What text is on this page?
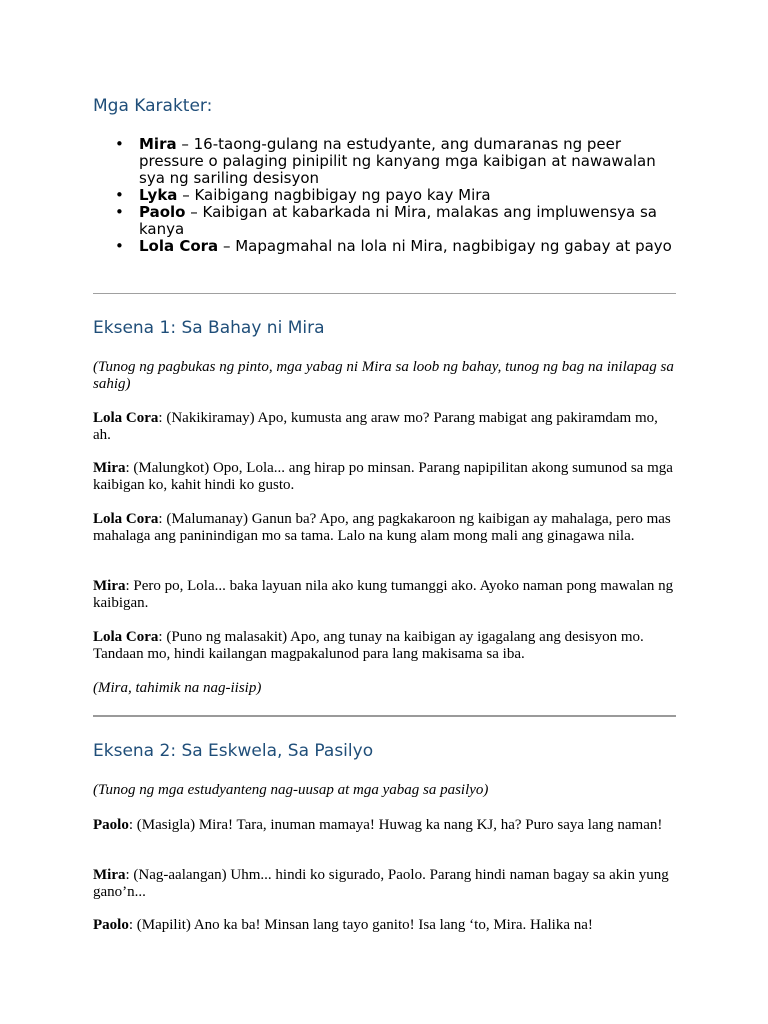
Mga Karakter:
• Mira – 16-taong-gulang na estudyante, ang dumaranas ng peer pressure o palaging pinipilit ng kanyang mga kaibigan at nawawalan sya ng sariling desisyon
• Lyka – Kaibigang nagbibigay ng payo kay Mira
• Paolo – Kaibigan at kabarkada ni Mira, malakas ang impluwensya sa kanya
• Lola Cora – Mapagmahal na lola ni Mira, nagbibigay ng gabay at payo
Eksena 1: Sa Bahay ni Mira

(Tunog ng pagbukas ng pinto, mga yabag ni Mira sa loob ng bahay, tunog ng bag na inilapag sa sahig)

Lola Cora: (Nakikiramay) Apo, kumusta ang araw mo? Parang mabigat ang pakiramdam mo, ah.

Mira: (Malungkot) Opo, Lola... ang hirap po minsan. Parang napipilitan akong sumunod sa mga kaibigan ko, kahit hindi ko gusto.

Lola Cora: (Malumanay) Ganun ba? Apo, ang pagkakaroon ng kaibigan ay mahalaga, pero mas mahalaga ang paninindigan mo sa tama. Lalo na kung alam mong mali ang ginagawa nila.

Mira: Pero po, Lola... baka layuan nila ako kung tumanggi ako. Ayoko naman pong mawalan ng kaibigan.

Lola Cora: (Puno ng malasakit) Apo, ang tunay na kaibigan ay igagalang ang desisyon mo. Tandaan mo, hindi kailangan magpakalunod para lang makisama sa iba.

(Mira, tahimik na nag-iisip)

Eksena 2: Sa Eskwela, Sa Pasilyo

(Tunog ng mga estudyanteng nag-uusap at mga yabag sa pasilyo)

Paolo: (Masigla) Mira! Tara, inuman mamaya! Huwag ka nang KJ, ha? Puro saya lang naman!

Mira: (Nag-aalangan) Uhm... hindi ko sigurado, Paolo. Parang hindi naman bagay sa akin yung gano’n...

Paolo: (Mapilit) Ano ka ba! Minsan lang tayo ganito! Isa lang ‘to, Mira. Halika na!
